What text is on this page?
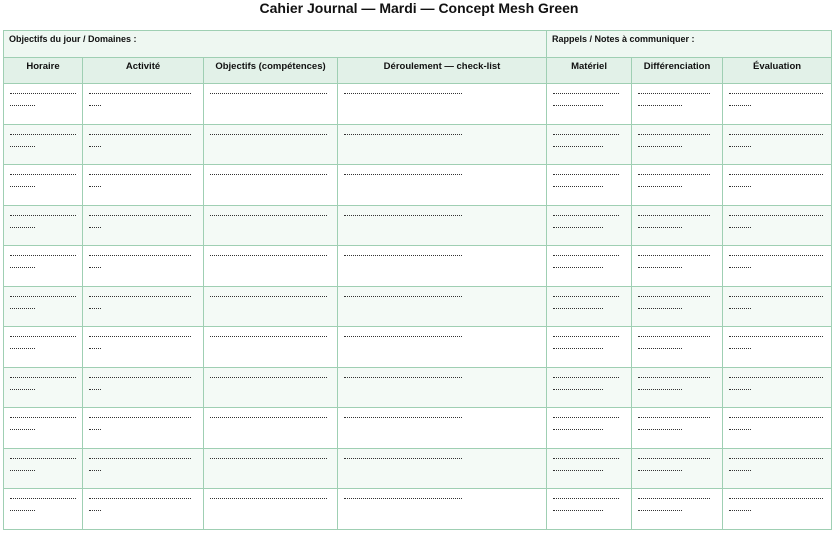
Cahier Journal — Mardi — Concept Mesh Green
Objectifs du jour / Domaines :				Rappels / Notes à communiquer :		
Horaire	Activité	Objectifs (compétences)	Déroulement — check-list	Matériel	Différenciation	Évaluation
